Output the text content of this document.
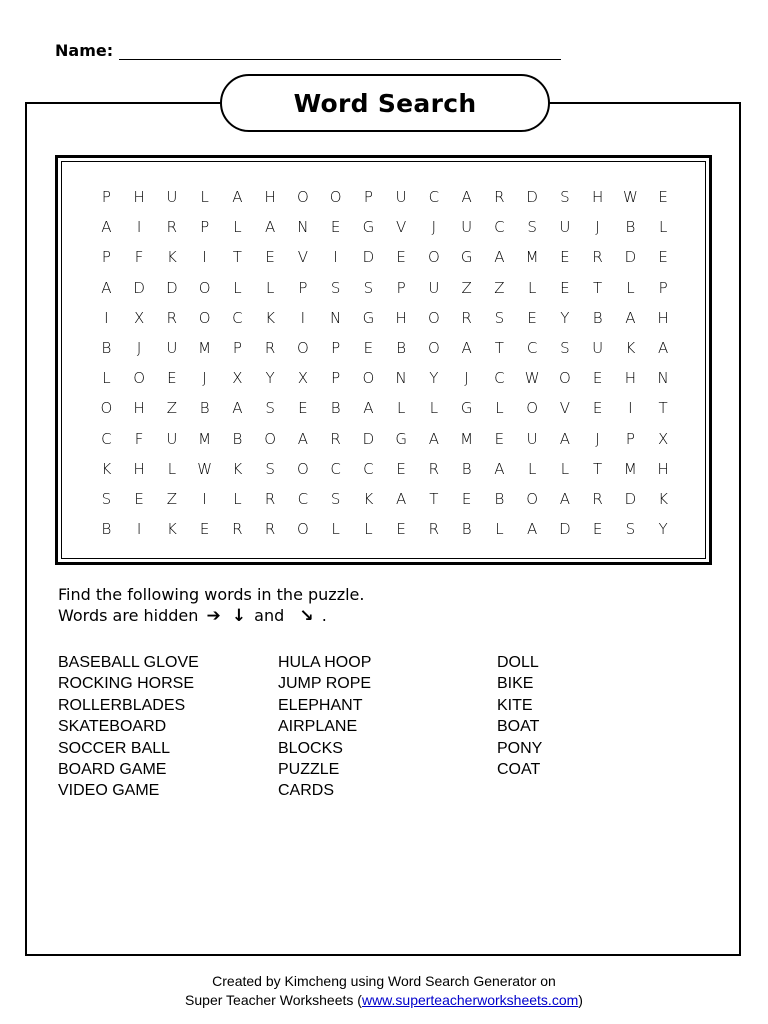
Name:
Word Search
P	H	U	L	A	H	O	O	P	U	C	A	R	D	S	H	W	E
A	I	R	P	L	A	N	E	G	V	J	U	C	S	U	J	B	L
P	F	K	I	T	E	V	I	D	E	O	G	A	M	E	R	D	E
A	D	D	O	L	L	P	S	S	P	U	Z	Z	L	E	T	L	P
I	X	R	O	C	K	I	N	G	H	O	R	S	E	Y	B	A	H
B	J	U	M	P	R	O	P	E	B	O	A	T	C	S	U	K	A
L	O	E	J	X	Y	X	P	O	N	Y	J	C	W	O	E	H	N
O	H	Z	B	A	S	E	B	A	L	L	G	L	O	V	E	I	T
C	F	U	M	B	O	A	R	D	G	A	M	E	U	A	J	P	X
K	H	L	W	K	S	O	C	C	E	R	B	A	L	L	T	M	H
S	E	Z	I	L	R	C	S	K	A	T	E	B	O	A	R	D	K
B	I	K	E	R	R	O	L	L	E	R	B	L	A	D	E	S	Y
Find the following words in the puzzle.
Words are hidden ➔ ↓ and ↘ .
BASEBALL GLOVE
ROCKING HORSE
ROLLERBLADES
SKATEBOARD
SOCCER BALL
BOARD GAME
VIDEO GAME
HULA HOOP
JUMP ROPE
ELEPHANT
AIRPLANE
BLOCKS
PUZZLE
CARDS
DOLL
BIKE
KITE
BOAT
PONY
COAT
Created by Kimcheng using Word Search Generator on
Super Teacher Worksheets (www.superteacherworksheets.com)
